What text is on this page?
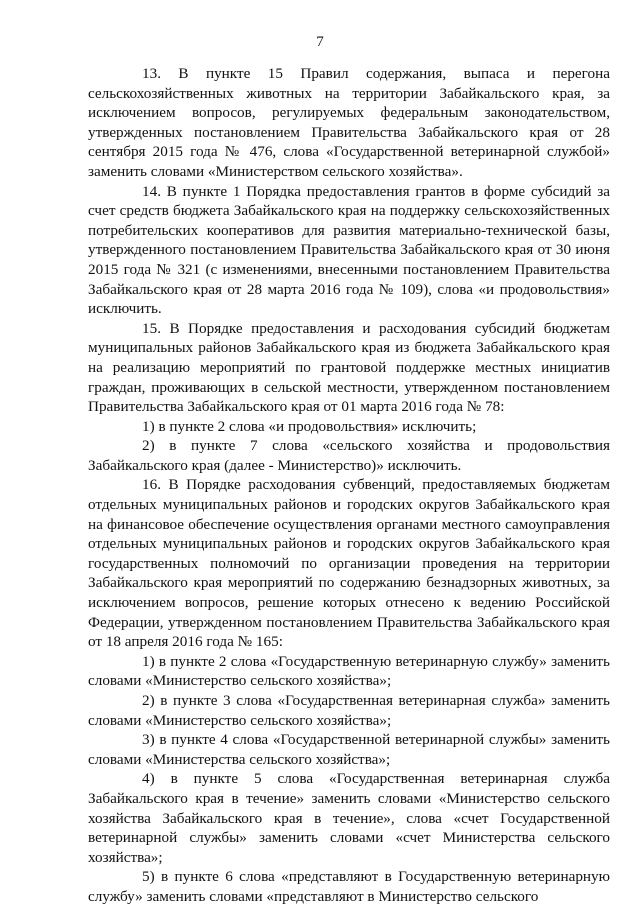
7

13. В пункте 15 Правил содержания, выпаса и перегона сельскохозяйственных животных на территории Забайкальского края, за исключением вопросов, регулируемых федеральным законодательством, утвержденных постановлением Правительства Забайкальского края от 28 сентября 2015 года № 476, слова «Государственной ветеринарной службой» заменить словами «Министерством сельского хозяйства».

14. В пункте 1 Порядка предоставления грантов в форме субсидий за счет средств бюджета Забайкальского края на поддержку сельскохозяйственных потребительских кооперативов для развития материально-технической базы, утвержденного постановлением Правительства Забайкальского края от 30 июня 2015 года № 321 (с изменениями, внесенными постановлением Правительства Забайкальского края от 28 марта 2016 года № 109), слова «и продовольствия» исключить.

15. В Порядке предоставления и расходования субсидий бюджетам муниципальных районов Забайкальского края из бюджета Забайкальского края на реализацию мероприятий по грантовой поддержке местных инициатив граждан, проживающих в сельской местности, утвержденном постановлением Правительства Забайкальского края от 01 марта 2016 года № 78:

1) в пункте 2 слова «и продовольствия» исключить;

2) в пункте 7 слова «сельского хозяйства и продовольствия Забайкальского края (далее - Министерство)» исключить.

16. В Порядке расходования субвенций, предоставляемых бюджетам отдельных муниципальных районов и городских округов Забайкальского края на финансовое обеспечение осуществления органами местного самоуправления отдельных муниципальных районов и городских округов Забайкальского края государственных полномочий по организации проведения на территории Забайкальского края мероприятий по содержанию безнадзорных животных, за исключением вопросов, решение которых отнесено к ведению Российской Федерации, утвержденном постановлением Правительства Забайкальского края от 18 апреля 2016 года № 165:

1) в пункте 2 слова «Государственную ветеринарную службу» заменить словами «Министерство сельского хозяйства»;

2) в пункте 3 слова «Государственная ветеринарная служба» заменить словами «Министерство сельского хозяйства»;

3) в пункте 4 слова «Государственной ветеринарной службы» заменить словами «Министерства сельского хозяйства»;

4) в пункте 5 слова «Государственная ветеринарная служба Забайкальского края в течение» заменить словами «Министерство сельского хозяйства Забайкальского края в течение», слова «счет Государственной ветеринарной службы» заменить словами «счет Министерства сельского хозяйства»;

5) в пункте 6 слова «представляют в Государственную ветеринарную службу» заменить словами «представляют в Министерство сельского
